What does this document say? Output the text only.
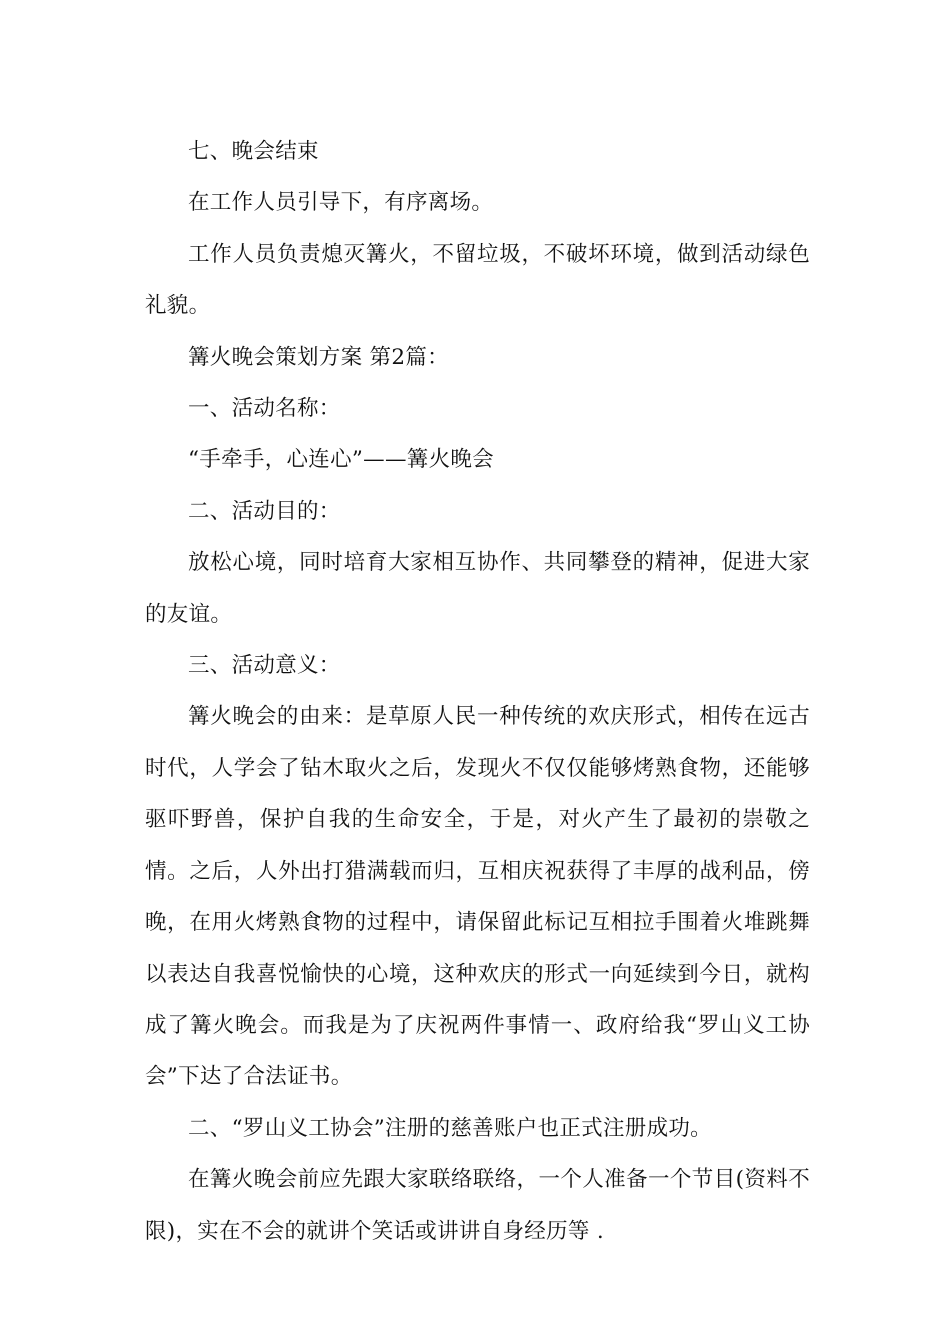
七、晚会结束

在工作人员引导下，有序离场。

工作人员负责熄灭篝火，不留垃圾，不破坏环境，做到活动绿色礼貌。

篝火晚会策划方案 第2篇：

一、活动名称：

“手牵手，心连心”——篝火晚会

二、活动目的：

放松心境，同时培育大家相互协作、共同攀登的精神，促进大家的友谊。

三、活动意义：

篝火晚会的由来：是草原人民一种传统的欢庆形式，相传在远古时代，人学会了钻木取火之后，发现火不仅仅能够烤熟食物，还能够驱吓野兽，保护自我的生命安全，于是，对火产生了最初的崇敬之情。之后，人外出打猎满载而归，互相庆祝获得了丰厚的战利品，傍晚，在用火烤熟食物的过程中，请保留此标记互相拉手围着火堆跳舞以表达自我喜悦愉快的心境，这种欢庆的形式一向延续到今日，就构成了篝火晚会。而我是为了庆祝两件事情一、政府给我“罗山义工协会”下达了合法证书。

二、“罗山义工协会”注册的慈善账户也正式注册成功。

在篝火晚会前应先跟大家联络联络，一个人准备一个节目(资料不限)，实在不会的就讲个笑话或讲讲自身经历等 .
